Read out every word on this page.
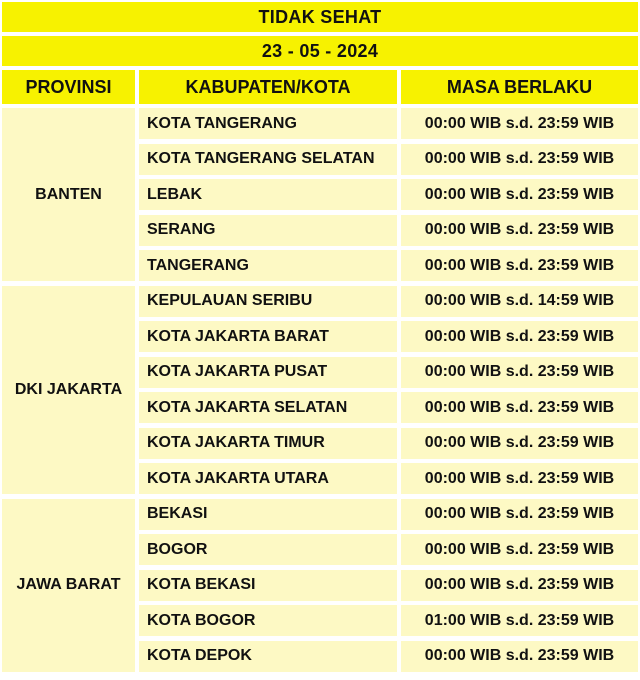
TIDAK SEHAT
23 - 05 - 2024
PROVINSI	KABUPATEN/KOTA	MASA BERLAKU
BANTEN
KOTA TANGERANG	00:00 WIB s.d. 23:59 WIB
KOTA TANGERANG SELATAN	00:00 WIB s.d. 23:59 WIB
LEBAK	00:00 WIB s.d. 23:59 WIB
SERANG	00:00 WIB s.d. 23:59 WIB
TANGERANG	00:00 WIB s.d. 23:59 WIB
DKI JAKARTA
KEPULAUAN SERIBU	00:00 WIB s.d. 14:59 WIB
KOTA JAKARTA BARAT	00:00 WIB s.d. 23:59 WIB
KOTA JAKARTA PUSAT	00:00 WIB s.d. 23:59 WIB
KOTA JAKARTA SELATAN	00:00 WIB s.d. 23:59 WIB
KOTA JAKARTA TIMUR	00:00 WIB s.d. 23:59 WIB
KOTA JAKARTA UTARA	00:00 WIB s.d. 23:59 WIB
JAWA BARAT
BEKASI	00:00 WIB s.d. 23:59 WIB
BOGOR	00:00 WIB s.d. 23:59 WIB
KOTA BEKASI	00:00 WIB s.d. 23:59 WIB
KOTA BOGOR	01:00 WIB s.d. 23:59 WIB
KOTA DEPOK	00:00 WIB s.d. 23:59 WIB
